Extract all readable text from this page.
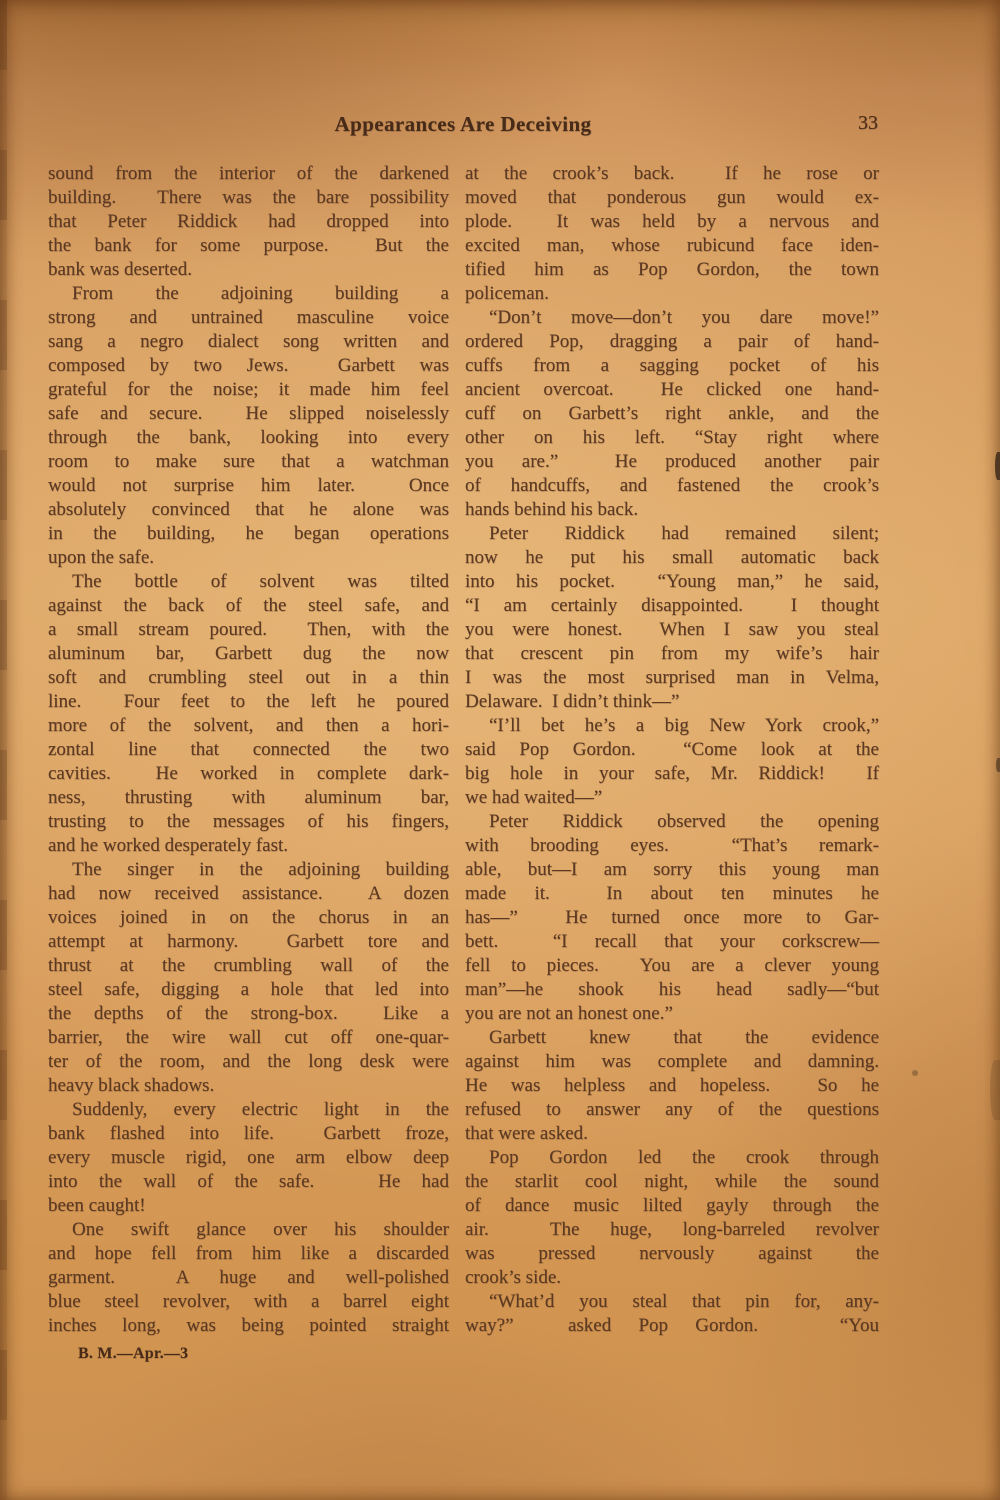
Appearances Are Deceiving	33
sound from the interior of the darkened
building.  There was the bare possibility
that Peter Riddick had dropped into
the bank for some purpose.  But the
bank was deserted.
From the adjoining building a
strong and untrained masculine voice
sang a negro dialect song written and
composed by two Jews.  Garbett was
grateful for the noise; it made him feel
safe and secure.  He slipped noiselessly
through the bank, looking into every
room to make sure that a watchman
would not surprise him later.  Once
absolutely convinced that he alone was
in the building, he began operations
upon the safe.
The bottle of solvent was tilted
against the back of the steel safe, and
a small stream poured.  Then, with the
aluminum bar, Garbett dug the now
soft and crumbling steel out in a thin
line.  Four feet to the left he poured
more of the solvent, and then a hori-
zontal line that connected the two
cavities.  He worked in complete dark-
ness, thrusting with aluminum bar,
trusting to the messages of his fingers,
and he worked desperately fast.
The singer in the adjoining building
had now received assistance.  A dozen
voices joined in on the chorus in an
attempt at harmony.  Garbett tore and
thrust at the crumbling wall of the
steel safe, digging a hole that led into
the depths of the strong-box.  Like a
barrier, the wire wall cut off one-quar-
ter of the room, and the long desk were
heavy black shadows.
Suddenly, every electric light in the
bank flashed into life.  Garbett froze,
every muscle rigid, one arm elbow deep
into the wall of the safe.   He had
been caught!
One swift glance over his shoulder
and hope fell from him like a discarded
garment.  A huge and well-polished
blue steel revolver, with a barrel eight
inches long, was being pointed straight
at the crook’s back.  If he rose or
moved that ponderous gun would ex-
plode.  It was held by a nervous and
excited man, whose rubicund face iden-
tified him as Pop Gordon, the town
policeman.
“Don’t move—don’t you dare move!”
ordered Pop, dragging a pair of hand-
cuffs from a sagging pocket of his
ancient overcoat.  He clicked one hand-
cuff on Garbett’s right ankle, and the
other on his left. “Stay right where
you are.”  He produced another pair
of handcuffs, and fastened the crook’s
hands behind his back.
Peter Riddick had remained silent;
now he put his small automatic back
into his pocket.  “Young man,” he said,
“I am certainly disappointed.  I thought
you were honest.  When I saw you steal
that crescent pin from my wife’s hair
I was the most surprised man in Velma,
Delaware.  I didn’t think—”
“I’ll bet he’s a big New York crook,”
said Pop Gordon.  “Come look at the
big hole in your safe, Mr. Riddick!  If
we had waited—”
Peter Riddick observed the opening
with brooding eyes.  “That’s remark-
able, but—I am sorry this young man
made it.  In about ten minutes he
has—”  He turned once more to Gar-
bett.  “I recall that your corkscrew—
fell to pieces.  You are a clever young
man”—he shook his head sadly—“but
you are not an honest one.”
Garbett knew that the evidence
against him was complete and damning.
He was helpless and hopeless.  So he
refused to answer any of the questions
that were asked.
Pop Gordon led the crook through
the starlit cool night, while the sound
of dance music lilted gayly through the
air.  The huge, long-barreled revolver
was pressed nervously against the
crook’s side.
“What’d you steal that pin for, any-
way?”  asked Pop Gordon.   “You
B. M.—Apr.—3
